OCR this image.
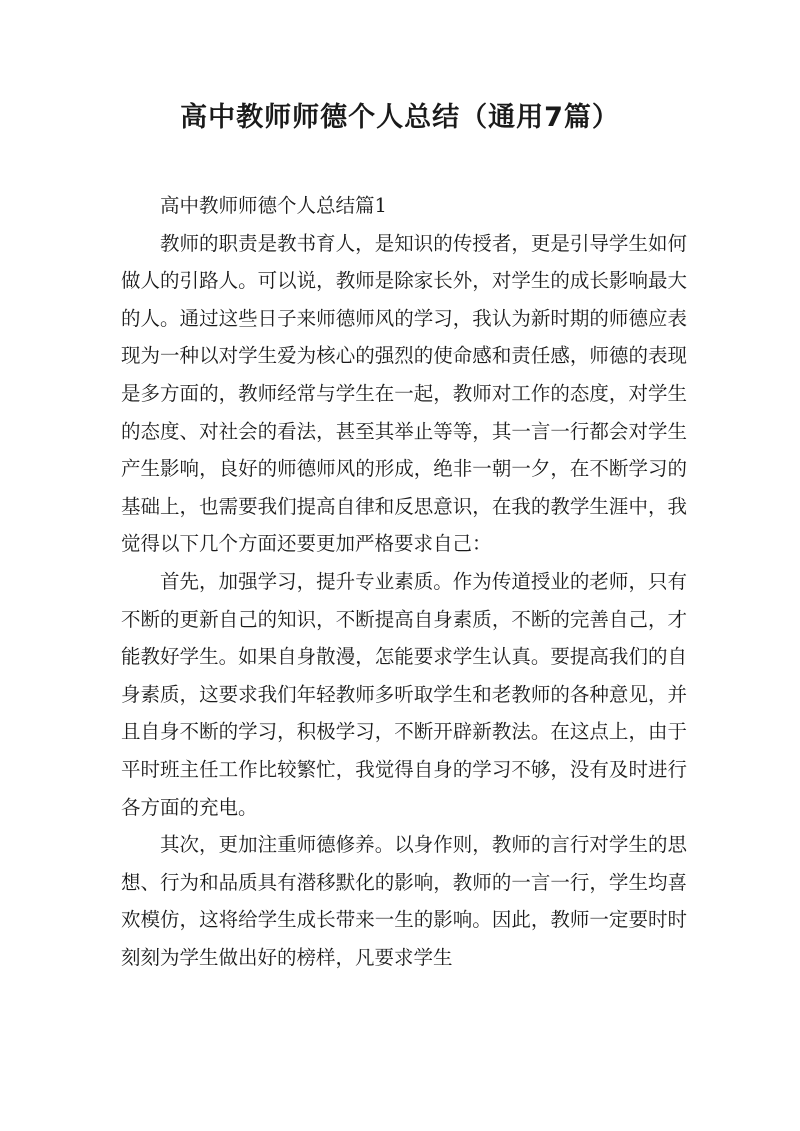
高中教师师德个人总结（通用7篇）

高中教师师德个人总结篇1

教师的职责是教书育人，是知识的传授者，更是引导学生如何做人的引路人。可以说，教师是除家长外，对学生的成长影响最大的人。通过这些日子来师德师风的学习，我认为新时期的师德应表现为一种以对学生爱为核心的强烈的使命感和责任感，师德的表现是多方面的，教师经常与学生在一起，教师对工作的态度，对学生的态度、对社会的看法，甚至其举止等等，其一言一行都会对学生产生影响，良好的师德师风的形成，绝非一朝一夕，在不断学习的基础上，也需要我们提高自律和反思意识，在我的教学生涯中，我觉得以下几个方面还要更加严格要求自己：

首先，加强学习，提升专业素质。作为传道授业的老师，只有不断的更新自己的知识，不断提高自身素质，不断的完善自己，才能教好学生。如果自身散漫，怎能要求学生认真。要提高我们的自身素质，这要求我们年轻教师多听取学生和老教师的各种意见，并且自身不断的学习，积极学习，不断开辟新教法。在这点上，由于平时班主任工作比较繁忙，我觉得自身的学习不够，没有及时进行各方面的充电。

其次，更加注重师德修养。以身作则，教师的言行对学生的思想、行为和品质具有潜移默化的影响，教师的一言一行，学生均喜欢模仿，这将给学生成长带来一生的影响。因此，教师一定要时时刻刻为学生做出好的榜样，凡要求学生
